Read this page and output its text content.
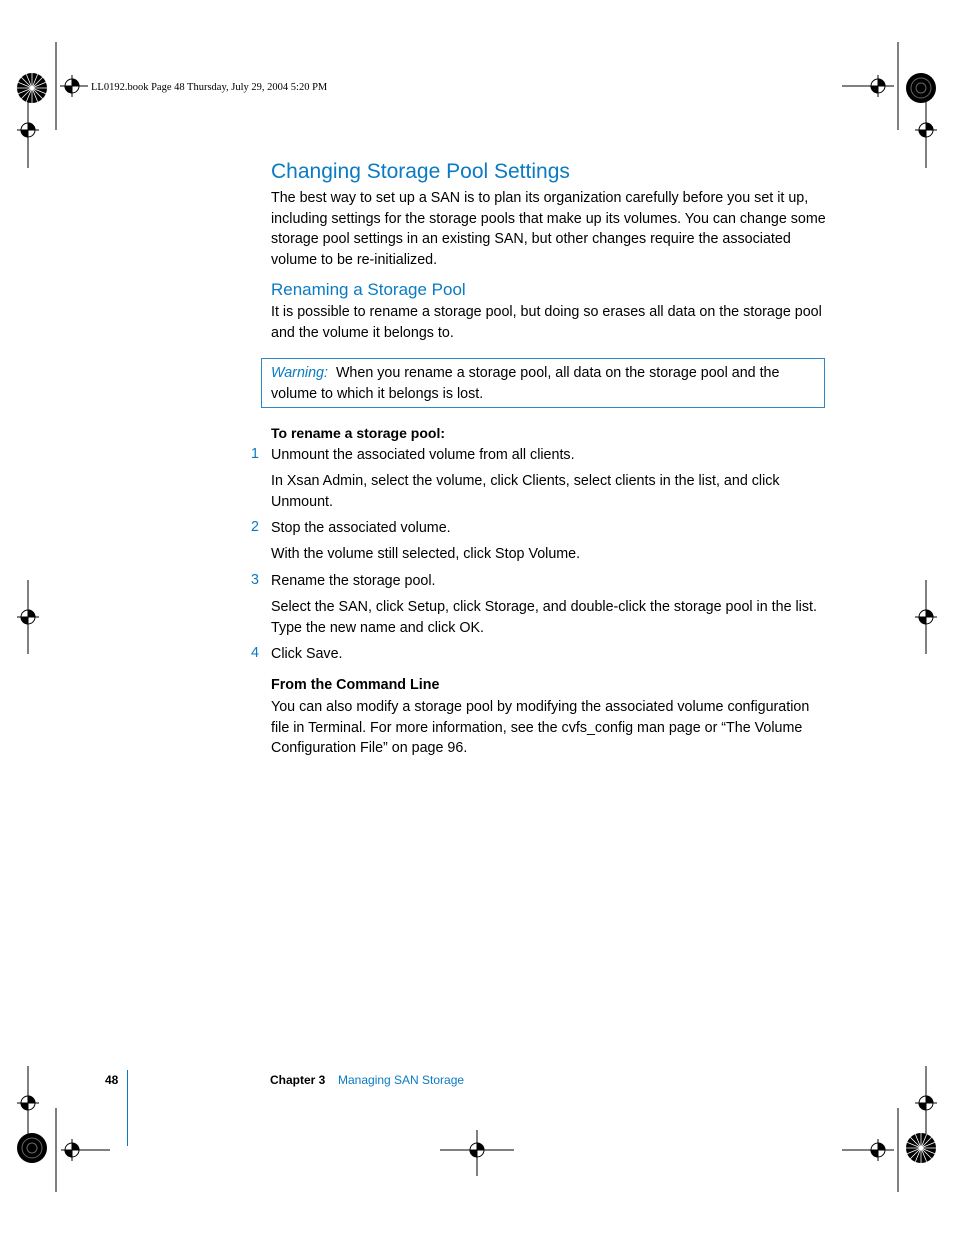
LL0192.book Page 48 Thursday, July 29, 2004 5:20 PM
Changing Storage Pool Settings

The best way to set up a SAN is to plan its organization carefully before you set it up, including settings for the storage pools that make up its volumes. You can change some storage pool settings in an existing SAN, but other changes require the associated volume to be re-initialized.

Renaming a Storage Pool

It is possible to rename a storage pool, but doing so erases all data on the storage pool and the volume it belongs to.

Warning: When you rename a storage pool, all data on the storage pool and the volume to which it belongs is lost.

To rename a storage pool:

1 Unmount the associated volume from all clients.

In Xsan Admin, select the volume, click Clients, select clients in the list, and click Unmount.

2 Stop the associated volume.

With the volume still selected, click Stop Volume.

3 Rename the storage pool.

Select the SAN, click Setup, click Storage, and double-click the storage pool in the list. Type the new name and click OK.

4 Click Save.

From the Command Line

You can also modify a storage pool by modifying the associated volume configuration file in Terminal. For more information, see the cvfs_config man page or “The Volume Configuration File” on page 96.

48	Chapter 3 Managing SAN Storage
